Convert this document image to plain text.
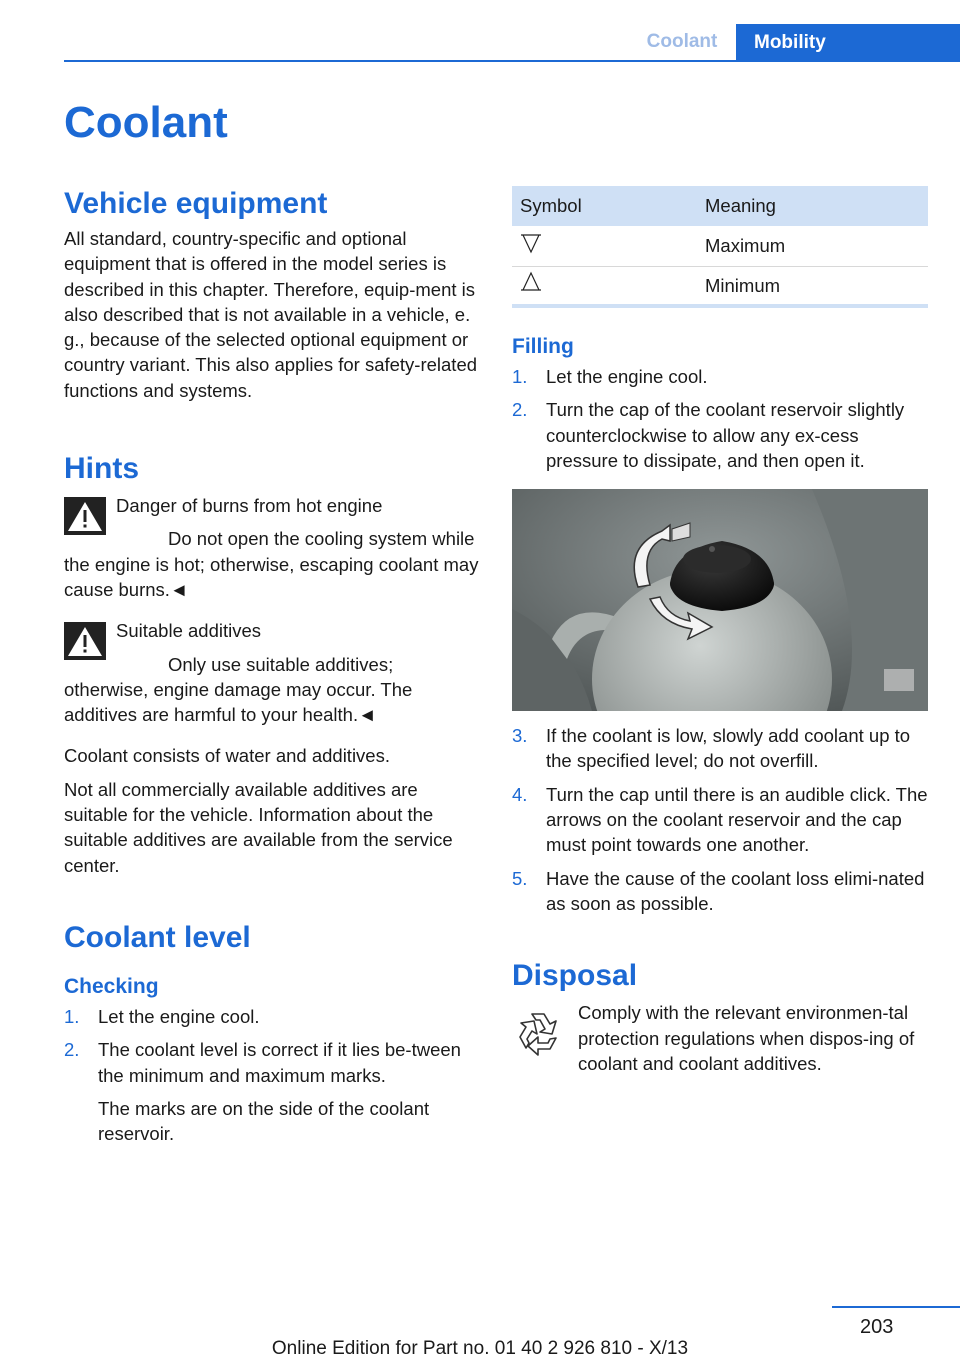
Coolant	Mobility
Coolant
Vehicle equipment

All standard, country-specific and optional equipment that is offered in the model series is described in this chapter. Therefore, equip-ment is also described that is not available in a vehicle, e. g., because of the selected optional equipment or country variant. This also applies for safety-related functions and systems.

Hints

Danger of burns from hot engine

Do not open the cooling system while the engine is hot; otherwise, escaping coolant may cause burns.◄

Suitable additives

Only use suitable additives; otherwise, engine damage may occur. The additives are harmful to your health.◄

Coolant consists of water and additives.

Not all commercially available additives are suitable for the vehicle. Information about the suitable additives are available from the service center.

Coolant level
Checking
1. Let the engine cool.
2. The coolant level is correct if it lies be-tween the minimum and maximum marks.

The marks are on the side of the coolant reservoir.

Symbol	Meaning
	Maximum
	Minimum
Filling
1. Let the engine cool.
2. Turn the cap of the coolant reservoir slightly counterclockwise to allow any ex-cess pressure to dissipate, and then open it.
3. If the coolant is low, slowly add coolant up to the specified level; do not overfill.
4. Turn the cap until there is an audible click. The arrows on the coolant reservoir and the cap must point towards one another.
5. Have the cause of the coolant loss elimi-nated as soon as possible.
Disposal

Comply with the relevant environmen-tal protection regulations when dispos-ing of coolant and coolant additives.

203
Online Edition for Part no. 01 40 2 926 810 - X/13
